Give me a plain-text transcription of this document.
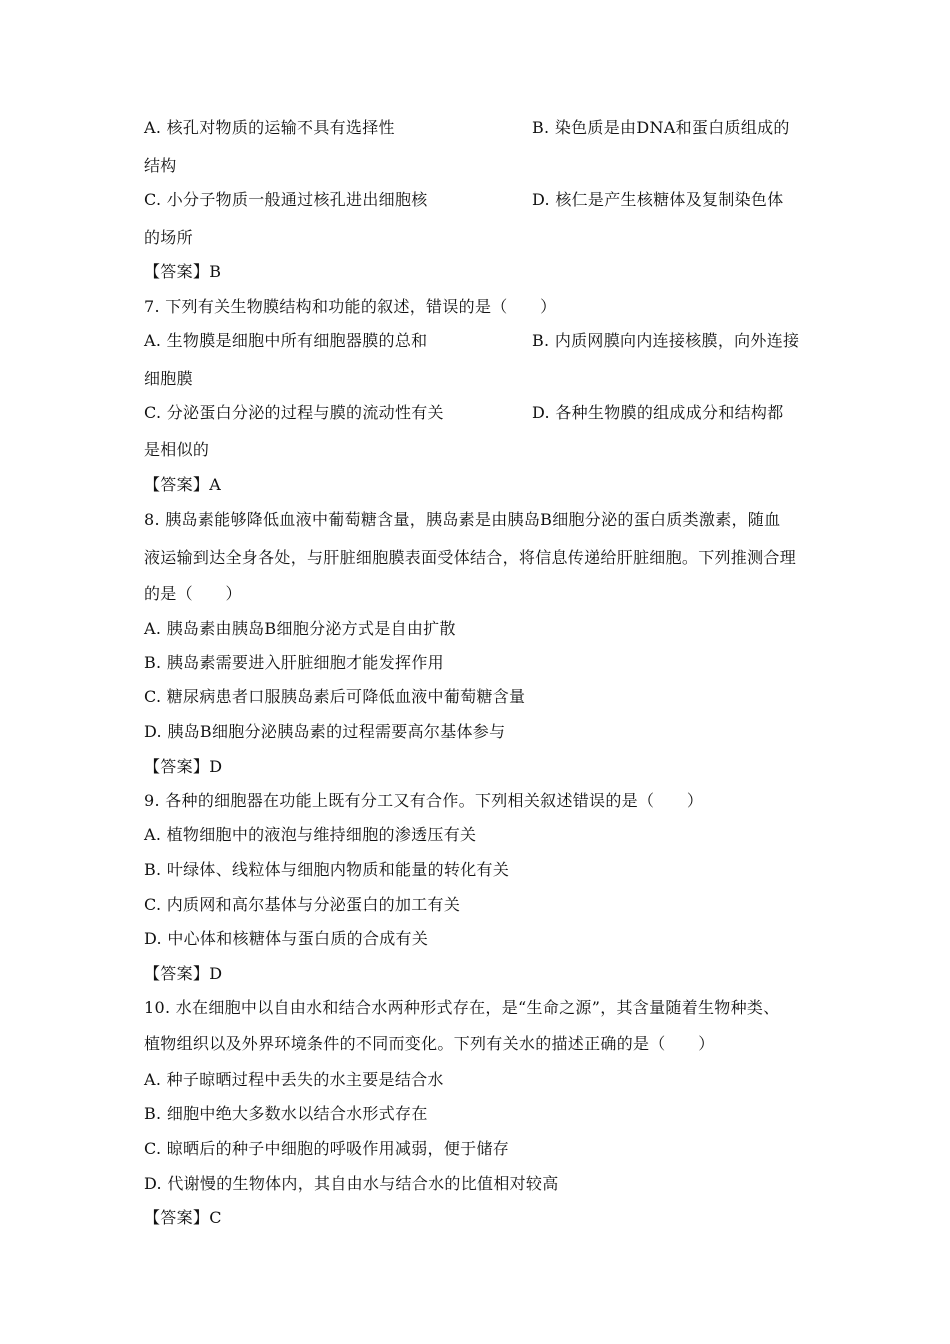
A. 核孔对物质的运输不具有选择性	B. 染色质是由DNA和蛋白质组成的
结构
C. 小分子物质一般通过核孔进出细胞核	D. 核仁是产生核糖体及复制染色体
的场所
【答案】B
7. 下列有关生物膜结构和功能的叙述，错误的是（　　）
A. 生物膜是细胞中所有细胞器膜的总和	B. 内质网膜向内连接核膜，向外连接
细胞膜
C. 分泌蛋白分泌的过程与膜的流动性有关	D. 各种生物膜的组成成分和结构都
是相似的
【答案】A
8. 胰岛素能够降低血液中葡萄糖含量，胰岛素是由胰岛B细胞分泌的蛋白质类激素，随血
液运输到达全身各处，与肝脏细胞膜表面受体结合，将信息传递给肝脏细胞。下列推测合理
的是（　　）
A. 胰岛素由胰岛B细胞分泌方式是自由扩散
B. 胰岛素需要进入肝脏细胞才能发挥作用
C. 糖尿病患者口服胰岛素后可降低血液中葡萄糖含量
D. 胰岛B细胞分泌胰岛素的过程需要高尔基体参与
【答案】D
9. 各种的细胞器在功能上既有分工又有合作。下列相关叙述错误的是（　　）
A. 植物细胞中的液泡与维持细胞的渗透压有关
B. 叶绿体、线粒体与细胞内物质和能量的转化有关
C. 内质网和高尔基体与分泌蛋白的加工有关
D. 中心体和核糖体与蛋白质的合成有关
【答案】D
10. 水在细胞中以自由水和结合水两种形式存在，是“生命之源”，其含量随着生物种类、
植物组织以及外界环境条件的不同而变化。下列有关水的描述正确的是（　　）
A. 种子晾晒过程中丢失的水主要是结合水
B. 细胞中绝大多数水以结合水形式存在
C. 晾晒后的种子中细胞的呼吸作用减弱，便于储存
D. 代谢慢的生物体内，其自由水与结合水的比值相对较高
【答案】C
